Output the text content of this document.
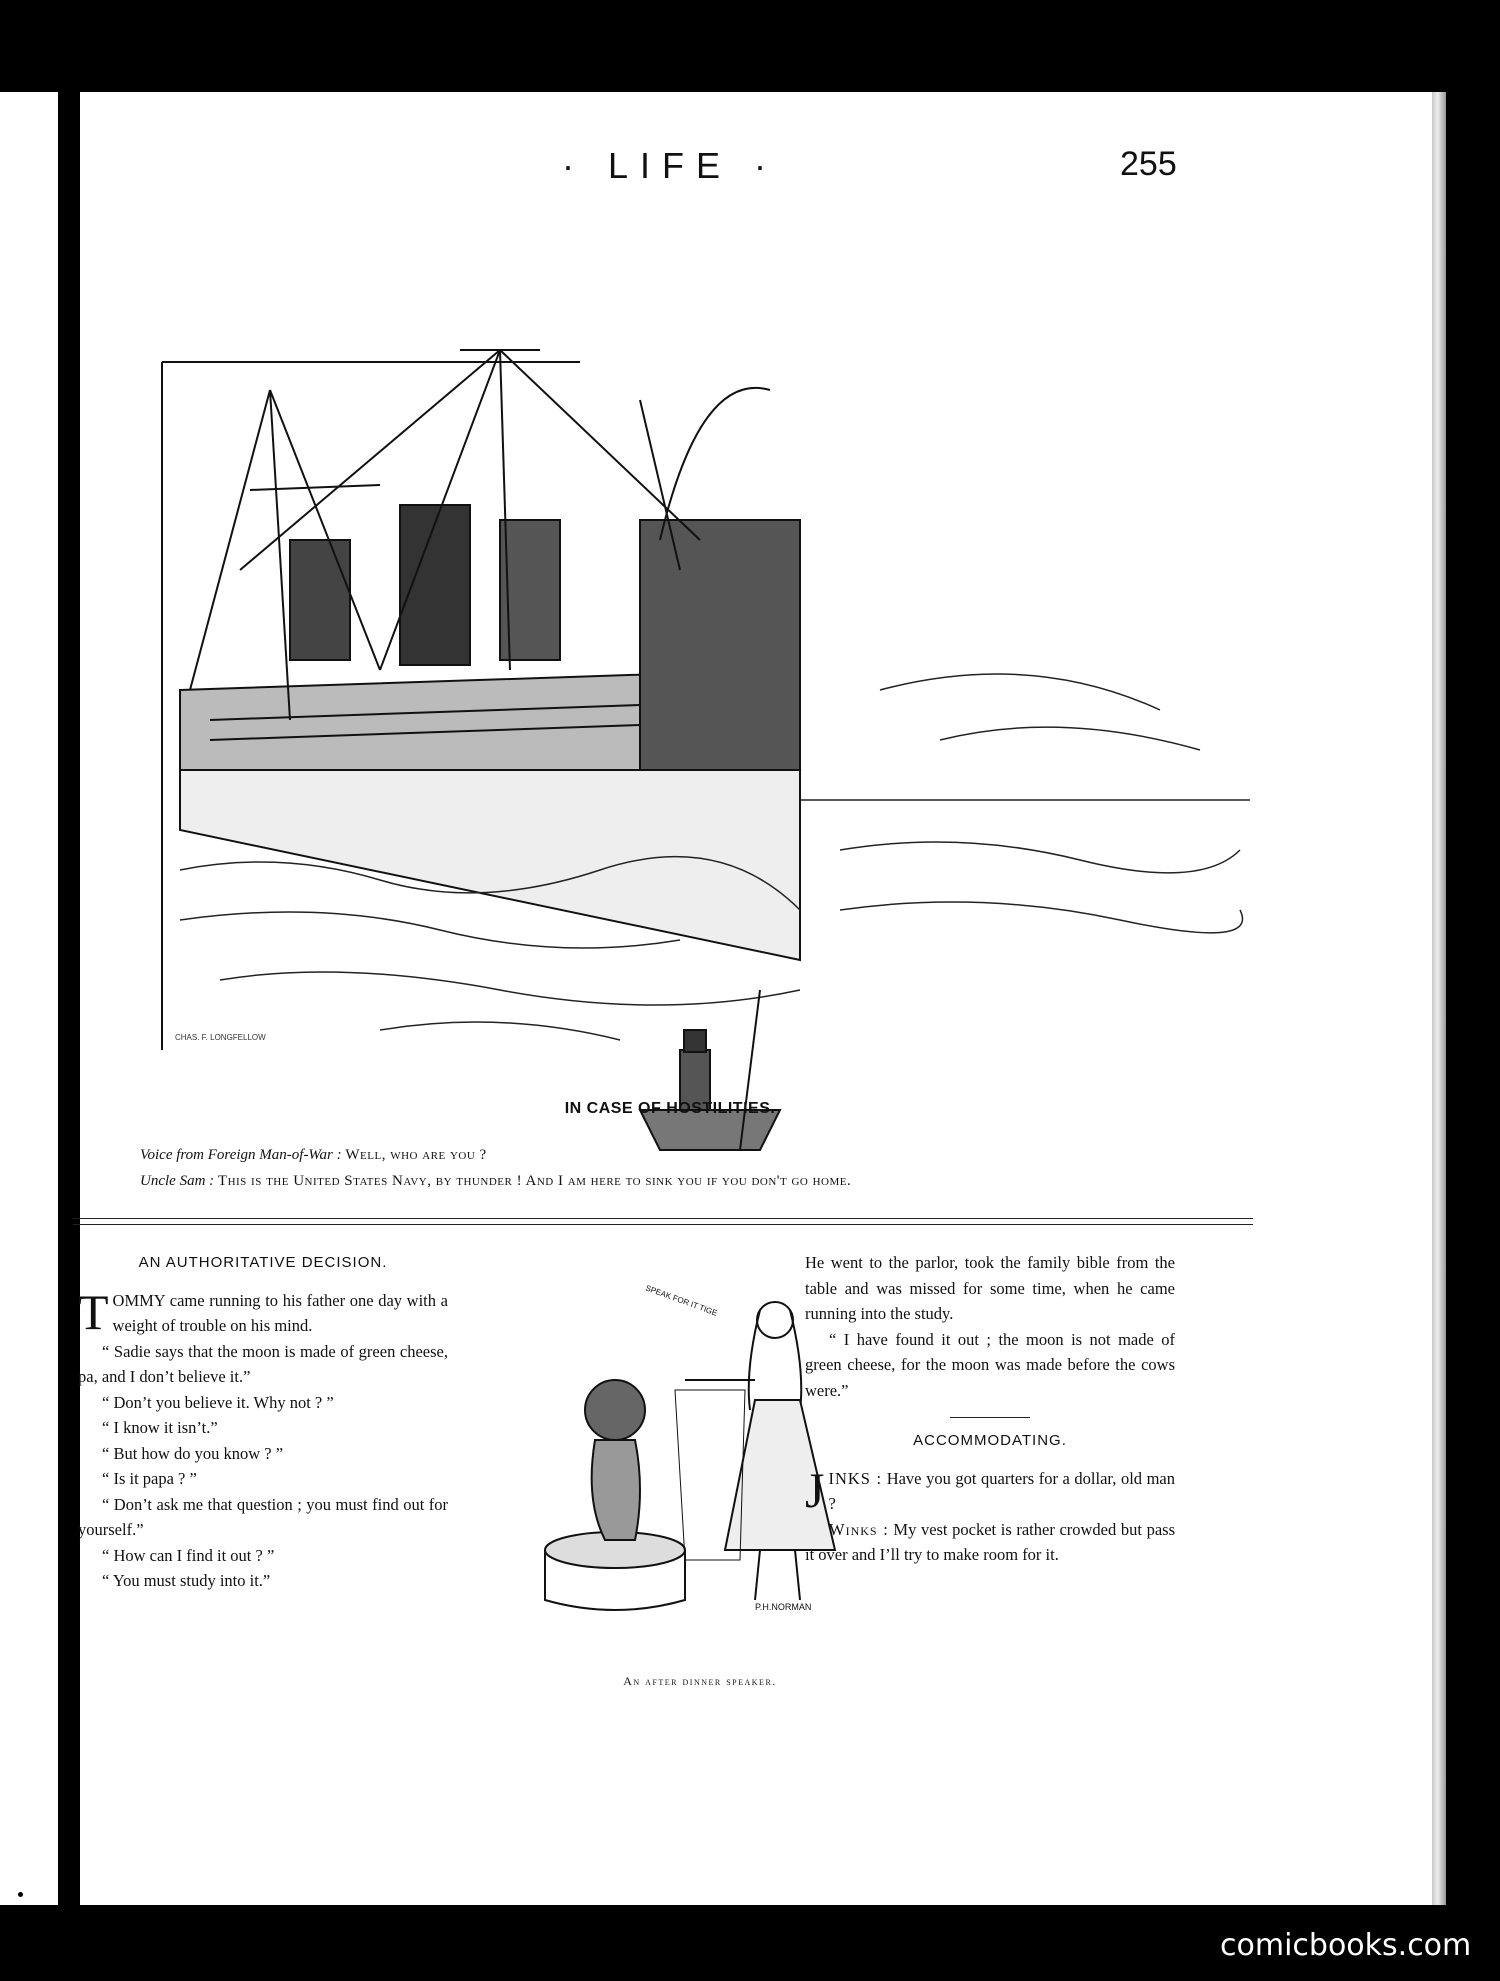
· LIFE ·	255
CHAS. F. LONGFELLOW
IN CASE OF HOSTILITIES.
Voice from Foreign Man-of-War : Well, who are you ?
Uncle Sam : This is the United States Navy, by thunder ! And I am here to sink you if you don't go home.
AN AUTHORITATIVE DECISION.

TOMMY came running to his father one day with a weight of trouble on his mind.

“ Sadie says that the moon is made of green cheese, pa, and I don’t believe it.”

“ Don’t you believe it. Why not ? ”

“ I know it isn’t.”

“ But how do you know ? ”

“ Is it papa ? ”

“ Don’t ask me that question ; you must find out for yourself.”

“ How can I find it out ? ”

“ You must study into it.”

SPEAK FOR IT TIGE
P.H.NORMAN
An after dinner speaker.

He went to the parlor, took the family bible from the table and was missed for some time, when he came running into the study.

“ I have found it out ; the moon is not made of green cheese, for the moon was made before the cows were.”

ACCOMMODATING.

JINKS : Have you got quarters for a dollar, old man ?

Winks : My vest pocket is rather crowded but pass it over and I’ll try to make room for it.

comicbooks.com
